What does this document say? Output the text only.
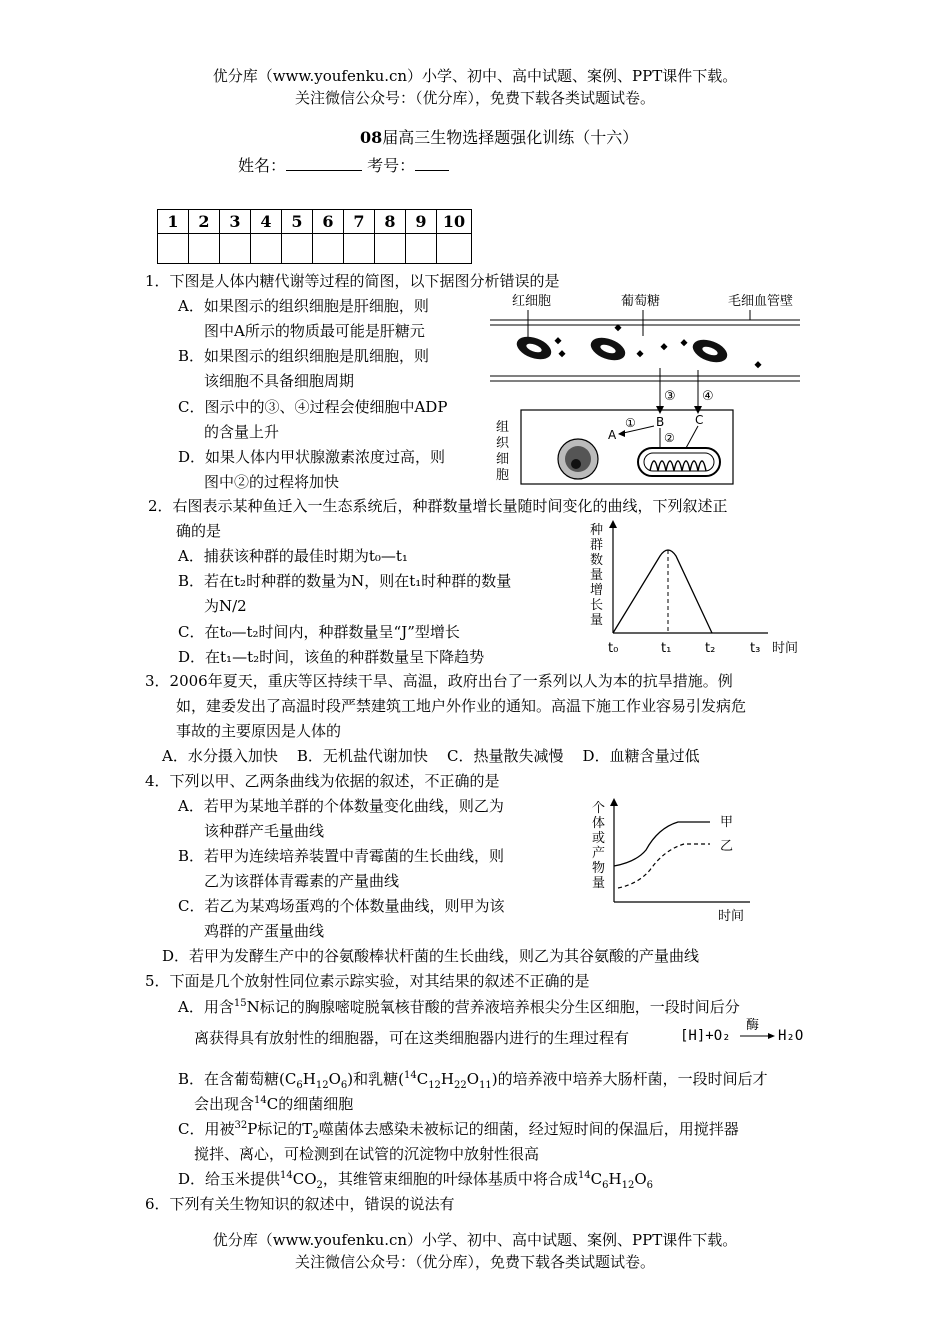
优分库（www.youfenku.cn）小学、初中、高中试题、案例、PPT课件下载。
关注微信公众号：（优分库），免费下载各类试题试卷。
08届高三生物选择题强化训练（十六）
姓名：	考号：
1	2	3	4	5	6	7	8	9	10

1．下图是人体内糖代谢等过程的简图，以下据图分析错误的是
A．如果图示的组织细胞是肝细胞，则
图中A所示的物质最可能是肝糖元
B．如果图示的组织细胞是肌细胞，则
该细胞不具备细胞周期
C．图示中的③、④过程会使细胞中ADP
的含量上升
D．如果人体内甲状腺激素浓度过高，则
图中②的过程将加快
红细胞	葡萄糖	毛细血管壁
③ ④
组
织
细
胞
B	C
A
①
②
2．右图表示某种鱼迁入一生态系统后，种群数量增长量随时间变化的曲线，下列叙述正
确的是
A．捕获该种群的最佳时期为t₀—t₁
B．若在t₂时种群的数量为N，则在t₁时种群的数量
为N/2
C．在t₀—t₂时间内，种群数量呈“J”型增长
D．在t₁—t₂时间，该鱼的种群数量呈下降趋势
种
群
数
量
增
长
量
t₀	t₁	t₂	t₃ 时间
3．2006年夏天，重庆等区持续干旱、高温，政府出台了一系列以人为本的抗旱措施。例
如，建委发出了高温时段严禁建筑工地户外作业的通知。高温下施工作业容易引发病危
事故的主要原因是人体的
A．水分摄入加快    B．无机盐代谢加快    C．热量散失减慢    D．血糖含量过低
4．下列以甲、乙两条曲线为依据的叙述，不正确的是
A．若甲为某地羊群的个体数量变化曲线，则乙为
该种群产毛量曲线
B．若甲为连续培养装置中青霉菌的生长曲线，则
乙为该群体青霉素的产量曲线
C．若乙为某鸡场蛋鸡的个体数量曲线，则甲为该
鸡群的产蛋量曲线
D．若甲为发酵生产中的谷氨酸棒状杆菌的生长曲线，则乙为其谷氨酸的产量曲线
个
体
或
产
物
量
甲
乙
时间
5．下面是几个放射性同位素示踪实验，对其结果的叙述不正确的是
A．用含$^{15}$N标记的胸腺嘧啶脱氧核苷酸的营养液培养根尖分生区细胞，一段时间后分
离获得具有放射性的细胞器，可在这类细胞器内进行的生理过程有	[H]+O₂
酶
→ H₂O
B．在含葡萄糖$(C_6H_{12}O_6)$和乳糖$(^{14}C_{12}H_{22}O_{11})$的培养液中培养大肠杆菌，一段时间后才
会出现含$^{14}$C的细菌细胞
C．用被$^{32}$P标记的$T_2$噬菌体去感染未被标记的细菌，经过短时间的保温后，用搅拌器
搅拌、离心，可检测到在试管的沉淀物中放射性很高
D．给玉米提供$^{14}CO_2$，其维管束细胞的叶绿体基质中将合成$^{14}C_6H_{12}O_6$
6．下列有关生物知识的叙述中，错误的说法有
优分库（www.youfenku.cn）小学、初中、高中试题、案例、PPT课件下载。
关注微信公众号：（优分库），免费下载各类试题试卷。
